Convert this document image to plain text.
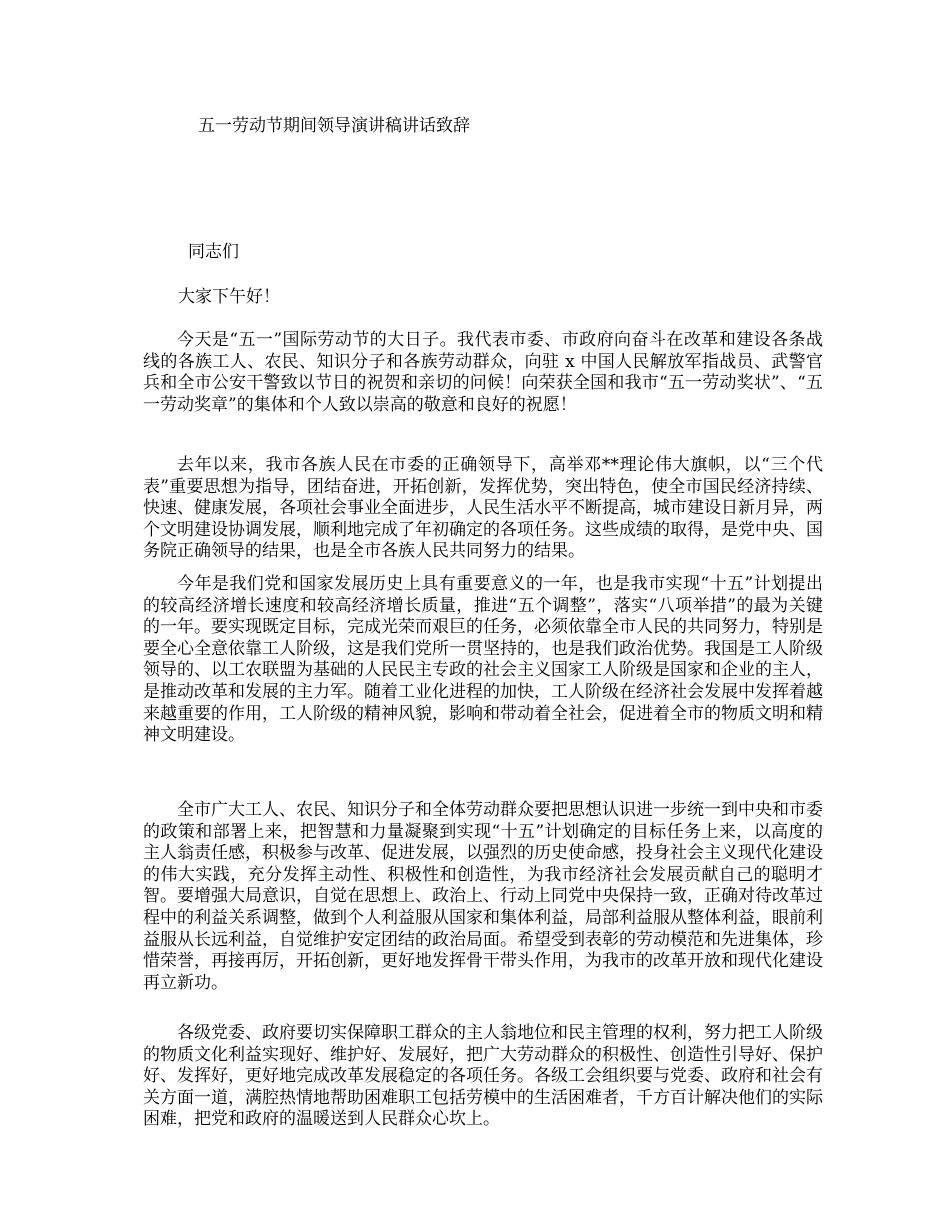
五一劳动节期间领导演讲稿讲话致辞
同志们
大家下午好！

今天是“五一”国际劳动节的大日子。我代表市委、市政府向奋斗在改革和建设各条战线的各族工人、农民、知识分子和各族劳动群众，向驻 x 中国人民解放军指战员、武警官兵和全市公安干警致以节日的祝贺和亲切的问候！向荣获全国和我市“五一劳动奖状”、“五一劳动奖章”的集体和个人致以崇高的敬意和良好的祝愿！

去年以来，我市各族人民在市委的正确领导下，高举邓**理论伟大旗帜，以“三个代表”重要思想为指导，团结奋进，开拓创新，发挥优势，突出特色，使全市国民经济持续、快速、健康发展，各项社会事业全面进步，人民生活水平不断提高，城市建设日新月异，两个文明建设协调发展，顺利地完成了年初确定的各项任务。这些成绩的取得，是党中央、国务院正确领导的结果，也是全市各族人民共同努力的结果。

今年是我们党和国家发展历史上具有重要意义的一年，也是我市实现“十五”计划提出的较高经济增长速度和较高经济增长质量，推进“五个调整”，落实“八项举措”的最为关键的一年。要实现既定目标，完成光荣而艰巨的任务，必须依靠全市人民的共同努力，特别是要全心全意依靠工人阶级，这是我们党所一贯坚持的，也是我们政治优势。我国是工人阶级领导的、以工农联盟为基础的人民民主专政的社会主义国家工人阶级是国家和企业的主人，是推动改革和发展的主力军。随着工业化进程的加快，工人阶级在经济社会发展中发挥着越来越重要的作用，工人阶级的精神风貌，影响和带动着全社会，促进着全市的物质文明和精神文明建设。

全市广大工人、农民、知识分子和全体劳动群众要把思想认识进一步统一到中央和市委的政策和部署上来，把智慧和力量凝聚到实现“十五”计划确定的目标任务上来，以高度的主人翁责任感，积极参与改革、促进发展，以强烈的历史使命感，投身社会主义现代化建设的伟大实践，充分发挥主动性、积极性和创造性，为我市经济社会发展贡献自己的聪明才智。要增强大局意识，自觉在思想上、政治上、行动上同党中央保持一致，正确对待改革过程中的利益关系调整，做到个人利益服从国家和集体利益，局部利益服从整体利益，眼前利益服从长远利益，自觉维护安定团结的政治局面。希望受到表彰的劳动模范和先进集体，珍惜荣誉，再接再厉，开拓创新，更好地发挥骨干带头作用，为我市的改革开放和现代化建设再立新功。

各级党委、政府要切实保障职工群众的主人翁地位和民主管理的权利，努力把工人阶级的物质文化利益实现好、维护好、发展好，把广大劳动群众的积极性、创造性引导好、保护好、发挥好，更好地完成改革发展稳定的各项任务。各级工会组织要与党委、政府和社会有关方面一道，满腔热情地帮助困难职工包括劳模中的生活困难者，千方百计解决他们的实际困难，把党和政府的温暖送到人民群众心坎上。
